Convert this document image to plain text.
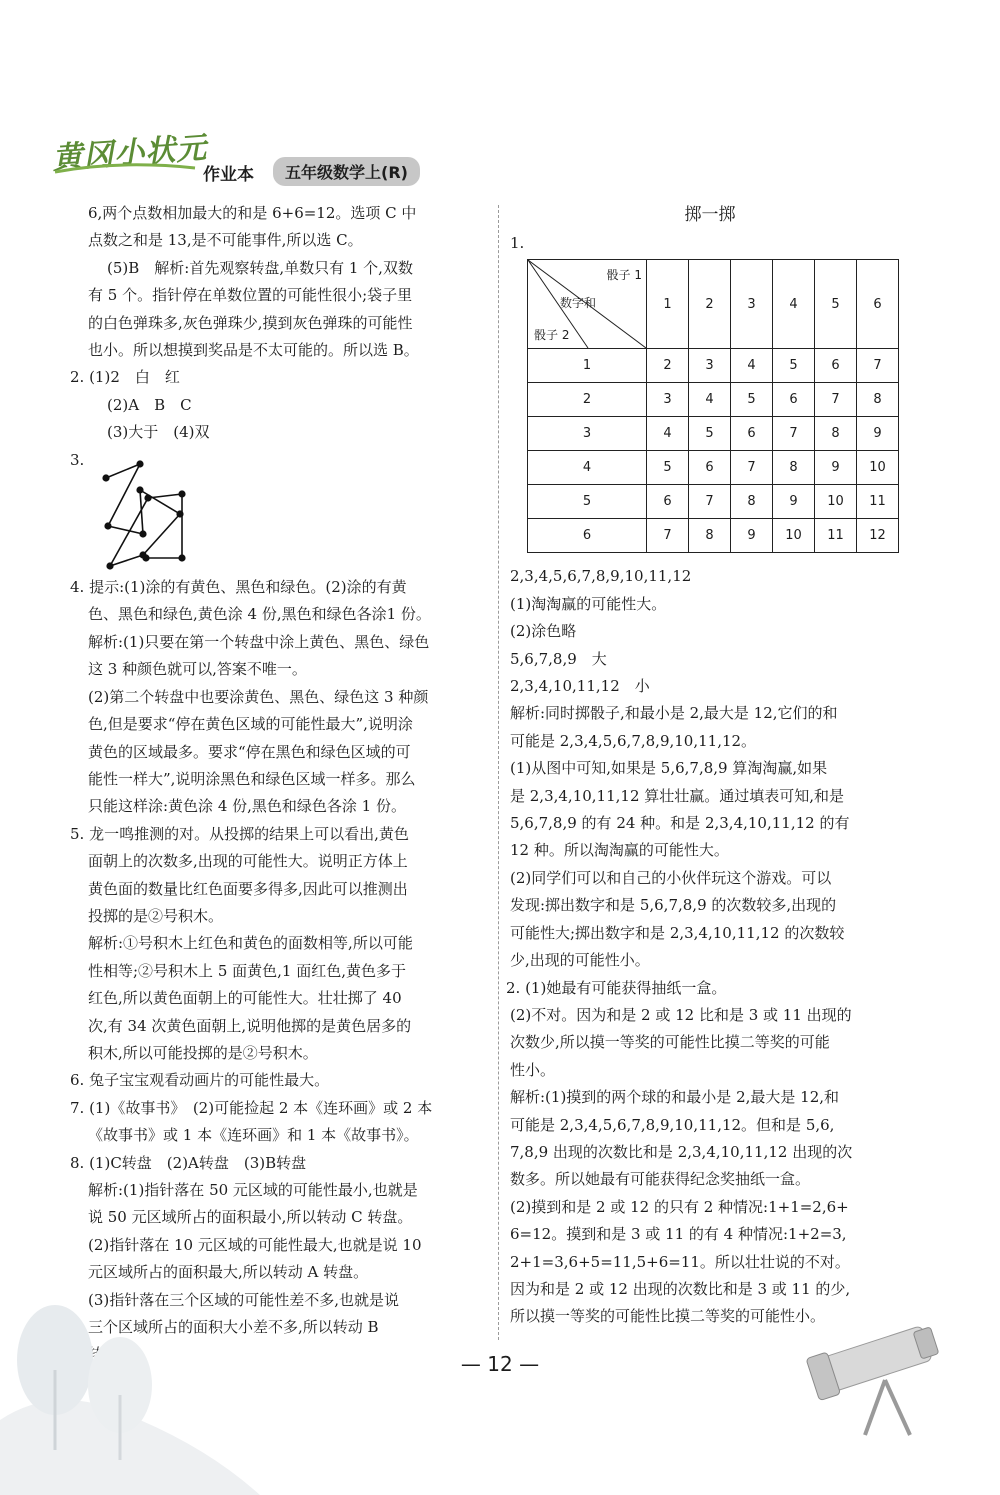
黄冈小状元
作业本	五年级数学上(R)
6,两个点数相加最大的和是 6+6=12。选项 C 中
点数之和是 13,是不可能事件,所以选 C。
(5)B　解析:首先观察转盘,单数只有 1 个,双数
有 5 个。指针停在单数位置的可能性很小;袋子里
的白色弹珠多,灰色弹珠少,摸到灰色弹珠的可能性
也小。所以想摸到奖品是不太可能的。所以选 B。
2. (1)2　白　红
(2)A　B　C
(3)大于　(4)双
3.
4. 提示:(1)涂的有黄色、黑色和绿色。(2)涂的有黄
色、黑色和绿色,黄色涂 4 份,黑色和绿色各涂1 份。
解析:(1)只要在第一个转盘中涂上黄色、黑色、绿色
这 3 种颜色就可以,答案不唯一。
(2)第二个转盘中也要涂黄色、黑色、绿色这 3 种颜
色,但是要求“停在黄色区域的可能性最大”,说明涂
黄色的区域最多。要求“停在黑色和绿色区域的可
能性一样大”,说明涂黑色和绿色区域一样多。那么
只能这样涂:黄色涂 4 份,黑色和绿色各涂 1 份。
5. 龙一鸣推测的对。从投掷的结果上可以看出,黄色
面朝上的次数多,出现的可能性大。说明正方体上
黄色面的数量比红色面要多得多,因此可以推测出
投掷的是②号积木。
解析:①号积木上红色和黄色的面数相等,所以可能
性相等;②号积木上 5 面黄色,1 面红色,黄色多于
红色,所以黄色面朝上的可能性大。壮壮掷了 40
次,有 34 次黄色面朝上,说明他掷的是黄色居多的
积木,所以可能投掷的是②号积木。
6. 兔子宝宝观看动画片的可能性最大。
7. (1)《故事书》　(2)可能捡起 2 本《连环画》或 2 本
《故事书》或 1 本《连环画》和 1 本《故事书》。
8. (1)C转盘　(2)A转盘　(3)B转盘
解析:(1)指针落在 50 元区域的可能性最小,也就是
说 50 元区域所占的面积最小,所以转动 C 转盘。
(2)指针落在 10 元区域的可能性最大,也就是说 10
元区域所占的面积最大,所以转动 A 转盘。
(3)指针落在三个区域的可能性差不多,也就是说
三个区域所占的面积大小差不多,所以转动 B
掷一掷
1.
骰子 1
数字和
骰子 2	1	2	3	4	5	6
1	2	3	4	5	6	7
2	3	4	5	6	7	8
3	4	5	6	7	8	9
4	5	6	7	8	9	10
5	6	7	8	9	10	11
6	7	8	9	10	11	12
2,3,4,5,6,7,8,9,10,11,12
(1)淘淘赢的可能性大。
(2)涂色略
5,6,7,8,9　大
2,3,4,10,11,12　小
解析:同时掷骰子,和最小是 2,最大是 12,它们的和
可能是 2,3,4,5,6,7,8,9,10,11,12。
(1)从图中可知,如果是 5,6,7,8,9 算淘淘赢,如果
是 2,3,4,10,11,12 算壮壮赢。通过填表可知,和是
5,6,7,8,9 的有 24 种。和是 2,3,4,10,11,12 的有
12 种。所以淘淘赢的可能性大。
(2)同学们可以和自己的小伙伴玩这个游戏。可以
发现:掷出数字和是 5,6,7,8,9 的次数较多,出现的
可能性大;掷出数字和是 2,3,4,10,11,12 的次数较
少,出现的可能性小。
2. (1)她最有可能获得抽纸一盒。
(2)不对。因为和是 2 或 12 比和是 3 或 11 出现的
次数少,所以摸一等奖的可能性比摸二等奖的可能
性小。
解析:(1)摸到的两个球的和最小是 2,最大是 12,和
可能是 2,3,4,5,6,7,8,9,10,11,12。但和是 5,6,
7,8,9 出现的次数比和是 2,3,4,10,11,12 出现的次
数多。所以她最有可能获得纪念奖抽纸一盒。
(2)摸到和是 2 或 12 的只有 2 种情况:1+1=2,6+
6=12。摸到和是 3 或 11 的有 4 种情况:1+2=3,
2+1=3,6+5=11,5+6=11。所以壮壮说的不对。
因为和是 2 或 12 出现的次数比和是 3 或 11 的少,
所以摸一等奖的可能性比摸二等奖的可能性小。
— 12 —
